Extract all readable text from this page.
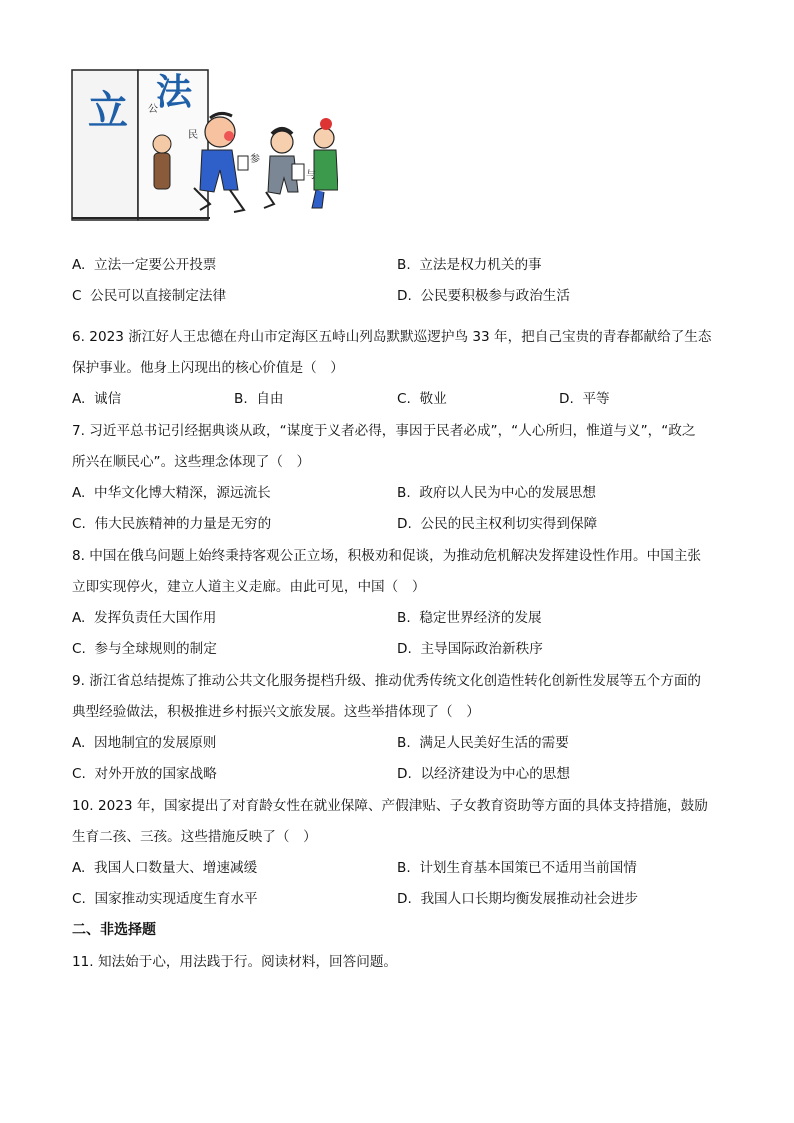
立 法
公
民
参
与
A. 立法一定要公开投票	B. 立法是权力机关的事
C 公民可以直接制定法律	D. 公民要积极参与政治生活
6. 2023 浙江好人王忠德在舟山市定海区五峙山列岛默默巡逻护鸟 33 年，把自己宝贵的青春都献给了生态
保护事业。他身上闪现出的核心价值是（　）
A. 诚信	B. 自由	C. 敬业	D. 平等
7. 习近平总书记引经据典谈从政，“谋度于义者必得，事因于民者必成”，“人心所归，惟道与义”，“政之
所兴在顺民心”。这些理念体现了（　）
A. 中华文化博大精深，源远流长	B. 政府以人民为中心的发展思想
C. 伟大民族精神的力量是无穷的	D. 公民的民主权利切实得到保障
8. 中国在俄乌问题上始终秉持客观公正立场，积极劝和促谈，为推动危机解决发挥建设性作用。中国主张
立即实现停火，建立人道主义走廊。由此可见，中国（　）
A. 发挥负责任大国作用	B. 稳定世界经济的发展
C. 参与全球规则的制定	D. 主导国际政治新秩序
9. 浙江省总结提炼了推动公共文化服务提档升级、推动优秀传统文化创造性转化创新性发展等五个方面的
典型经验做法，积极推进乡村振兴文旅发展。这些举措体现了（　）
A. 因地制宜的发展原则	B. 满足人民美好生活的需要
C. 对外开放的国家战略	D. 以经济建设为中心的思想
10. 2023 年，国家提出了对育龄女性在就业保障、产假津贴、子女教育资助等方面的具体支持措施，鼓励
生育二孩、三孩。这些措施反映了（　）
A. 我国人口数量大、增速减缓	B. 计划生育基本国策已不适用当前国情
C. 国家推动实现适度生育水平	D. 我国人口长期均衡发展推动社会进步
二、非选择题
11. 知法始于心，用法践于行。阅读材料，回答问题。
